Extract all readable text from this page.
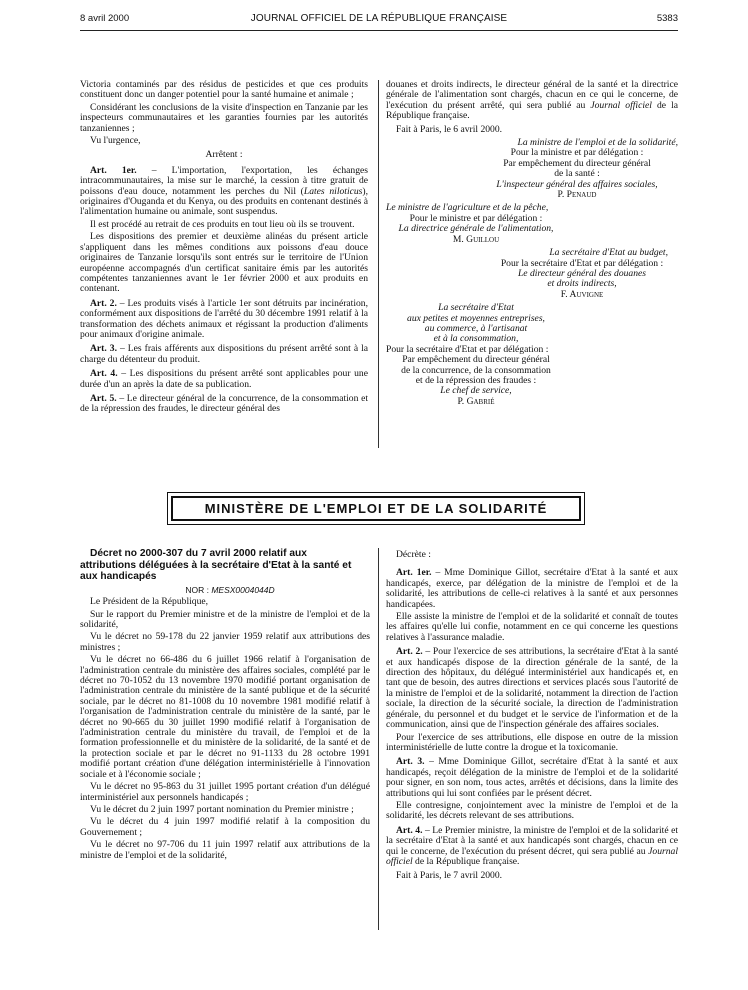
8 avril 2000	JOURNAL OFFICIEL DE LA RÉPUBLIQUE FRANÇAISE	5383

Victoria contaminés par des résidus de pesticides et que ces produits constituent donc un danger potentiel pour la santé humaine et animale ;

Considérant les conclusions de la visite d'inspection en Tanzanie par les inspecteurs communautaires et les garanties fournies par les autorités tanzaniennes ;

Vu l'urgence,

Arrêtent :

Art. 1er. – L'importation, l'exportation, les échanges intracommunautaires, la mise sur le marché, la cession à titre gratuit de poissons d'eau douce, notamment les perches du Nil (Lates niloticus), originaires d'Ouganda et du Kenya, ou des produits en contenant destinés à l'alimentation humaine ou animale, sont suspendus.

Il est procédé au retrait de ces produits en tout lieu où ils se trouvent.

Les dispositions des premier et deuxième alinéas du présent article s'appliquent dans les mêmes conditions aux poissons d'eau douce originaires de Tanzanie lorsqu'ils sont entrés sur le territoire de l'Union européenne accompagnés d'un certificat sanitaire émis par les autorités compétentes tanzaniennes avant le 1er février 2000 et aux produits en contenant.

Art. 2. – Les produits visés à l'article 1er sont détruits par incinération, conformément aux dispositions de l'arrêté du 30 décembre 1991 relatif à la transformation des déchets animaux et régissant la production d'aliments pour animaux d'origine animale.

Art. 3. – Les frais afférents aux dispositions du présent arrêté sont à la charge du détenteur du produit.

Art. 4. – Les dispositions du présent arrêté sont applicables pour une durée d'un an après la date de sa publication.

Art. 5. – Le directeur général de la concurrence, de la consommation et de la répression des fraudes, le directeur général des

douanes et droits indirects, le directeur général de la santé et la directrice générale de l'alimentation sont chargés, chacun en ce qui le concerne, de l'exécution du présent arrêté, qui sera publié au Journal officiel de la République française.

Fait à Paris, le 6 avril 2000.

La ministre de l'emploi et de la solidarité,
Pour la ministre et par délégation :
Par empêchement du directeur général
de la santé :
L'inspecteur général des affaires sociales,
P. Penaud
Le ministre de l'agriculture et de la pêche,
Pour le ministre et par délégation :
La directrice générale de l'alimentation,
M. Guillou
La secrétaire d'Etat au budget,
Pour la secrétaire d'Etat et par délégation :
Le directeur général des douanes
et droits indirects,
F. Auvigne
La secrétaire d'Etat
aux petites et moyennes entreprises,
au commerce, à l'artisanat
et à la consommation,
Pour la secrétaire d'Etat et par délégation :
Par empêchement du directeur général
de la concurrence, de la consommation
et de la répression des fraudes :
Le chef de service,
P. Gabrié
MINISTÈRE DE L'EMPLOI ET DE LA SOLIDARITÉ

Décret no 2000-307 du 7 avril 2000 relatif aux attributions déléguées à la secrétaire d'Etat à la santé et aux handicapés

NOR : MESX0004044D

Le Président de la République,

Sur le rapport du Premier ministre et de la ministre de l'emploi et de la solidarité,

Vu le décret no 59-178 du 22 janvier 1959 relatif aux attributions des ministres ;

Vu le décret no 66-486 du 6 juillet 1966 relatif à l'organisation de l'administration centrale du ministère des affaires sociales, complété par le décret no 70-1052 du 13 novembre 1970 modifié portant organisation de l'administration centrale du ministère de la santé publique et de la sécurité sociale, par le décret no 81-1008 du 10 novembre 1981 modifié relatif à l'organisation de l'administration centrale du ministère de la santé, par le décret no 90-665 du 30 juillet 1990 modifié relatif à l'organisation de l'administration centrale du ministère du travail, de l'emploi et de la formation professionnelle et du ministère de la solidarité, de la santé et de la protection sociale et par le décret no 91-1133 du 28 octobre 1991 modifié portant création d'une délégation interministérielle à l'innovation sociale et à l'économie sociale ;

Vu le décret no 95-863 du 31 juillet 1995 portant création d'un délégué interministériel aux personnels handicapés ;

Vu le décret du 2 juin 1997 portant nomination du Premier ministre ;

Vu le décret du 4 juin 1997 modifié relatif à la composition du Gouvernement ;

Vu le décret no 97-706 du 11 juin 1997 relatif aux attributions de la ministre de l'emploi et de la solidarité,

Décrète :

Art. 1er. – Mme Dominique Gillot, secrétaire d'Etat à la santé et aux handicapés, exerce, par délégation de la ministre de l'emploi et de la solidarité, les attributions de celle-ci relatives à la santé et aux personnes handicapées.

Elle assiste la ministre de l'emploi et de la solidarité et connaît de toutes les affaires qu'elle lui confie, notamment en ce qui concerne les questions relatives à l'assurance maladie.

Art. 2. – Pour l'exercice de ses attributions, la secrétaire d'Etat à la santé et aux handicapés dispose de la direction générale de la santé, de la direction des hôpitaux, du délégué interministériel aux handicapés et, en tant que de besoin, des autres directions et services placés sous l'autorité de la ministre de l'emploi et de la solidarité, notamment la direction de l'action sociale, la direction de la sécurité sociale, la direction de l'administration générale, du personnel et du budget et le service de l'information et de la communication, ainsi que de l'inspection générale des affaires sociales.

Pour l'exercice de ses attributions, elle dispose en outre de la mission interministérielle de lutte contre la drogue et la toxicomanie.

Art. 3. – Mme Dominique Gillot, secrétaire d'Etat à la santé et aux handicapés, reçoit délégation de la ministre de l'emploi et de la solidarité pour signer, en son nom, tous actes, arrêtés et décisions, dans la limite des attributions qui lui sont confiées par le présent décret.

Elle contresigne, conjointement avec la ministre de l'emploi et de la solidarité, les décrets relevant de ses attributions.

Art. 4. – Le Premier ministre, la ministre de l'emploi et de la solidarité et la secrétaire d'Etat à la santé et aux handicapés sont chargés, chacun en ce qui le concerne, de l'exécution du présent décret, qui sera publié au Journal officiel de la République française.

Fait à Paris, le 7 avril 2000.
